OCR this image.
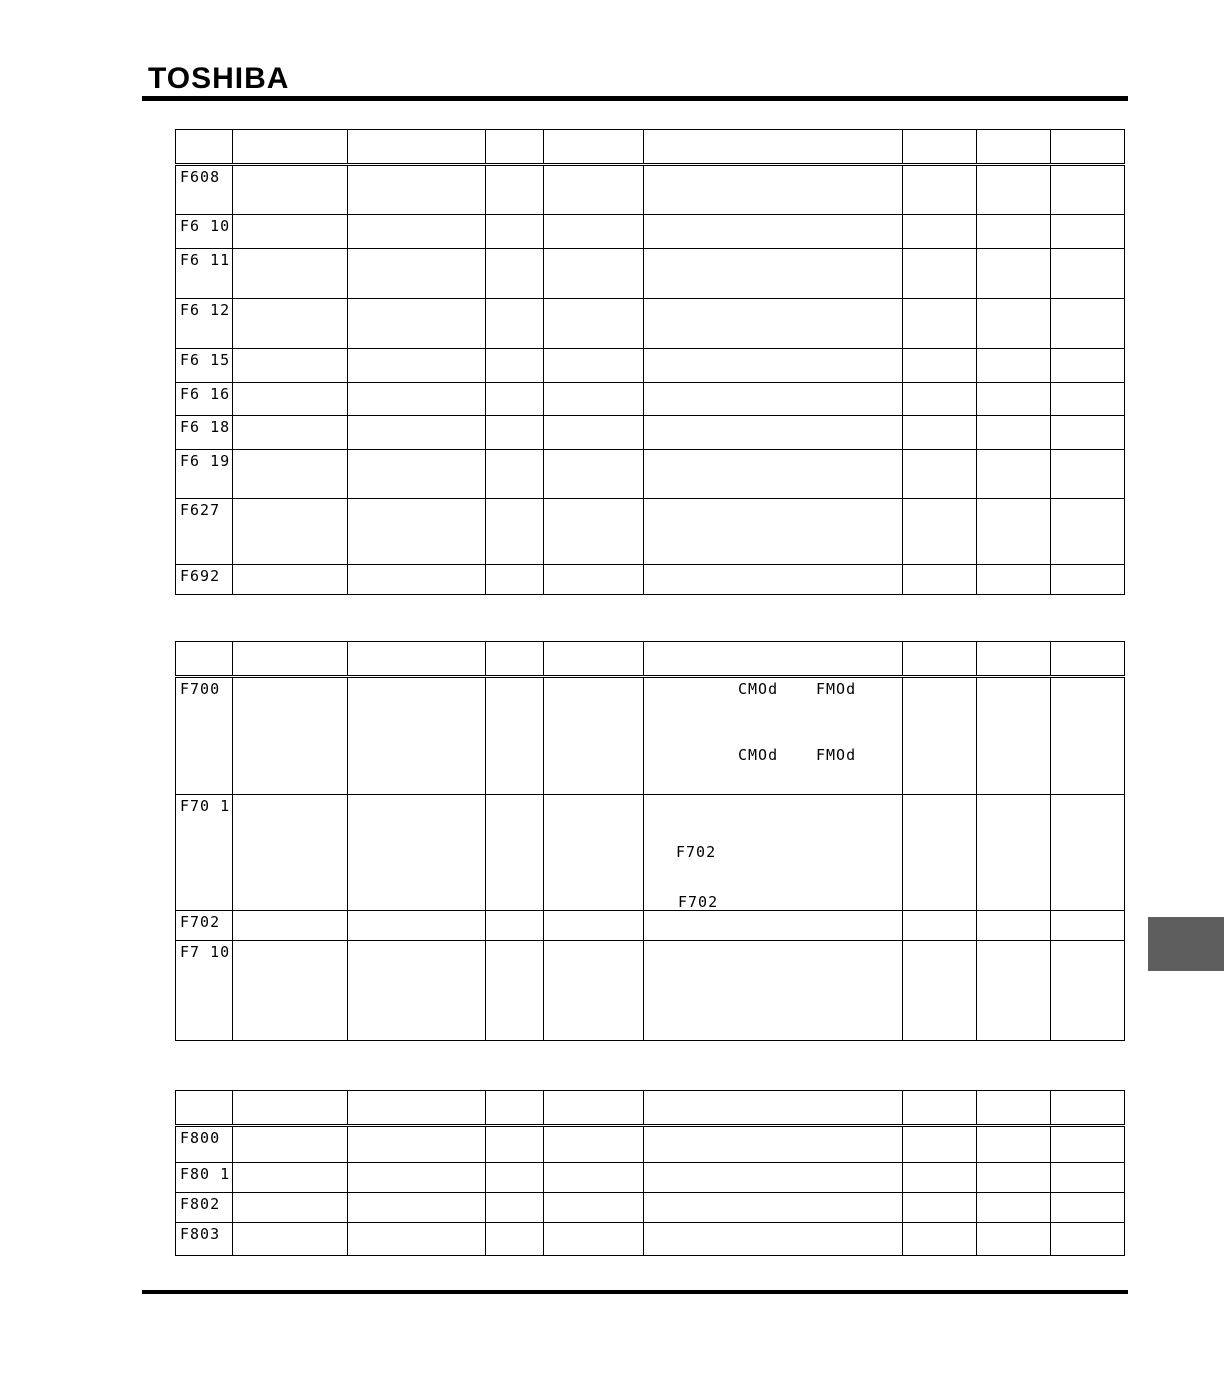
TOSHIBA

F608								

F6 10								

F6 11								

F6 12								

F6 15								

F6 16								

F6 18								

F6 19								

F627								

F692								

F700					CMOd FMOd
CMOd FMOd			

F70 1					F702
F702			

F702								

F7 10								

F800								

F80 1								

F802								

F803								
